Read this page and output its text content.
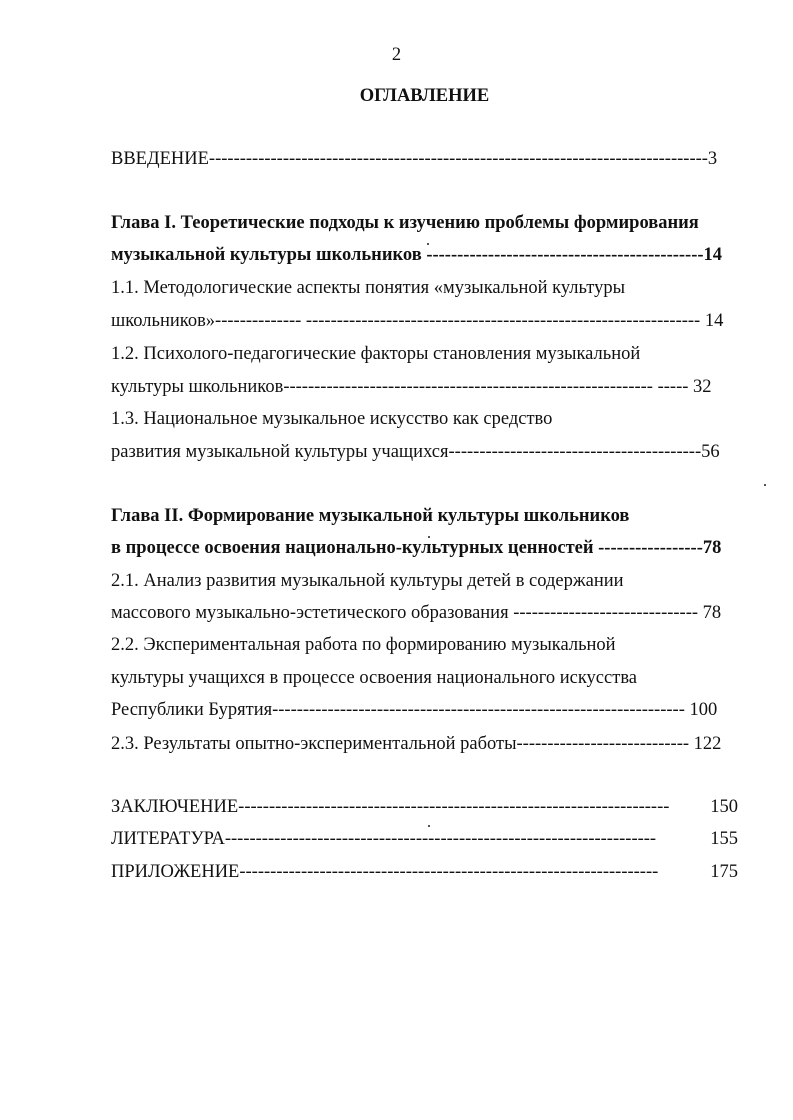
2
ОГЛАВЛЕНИЕ
ВВЕДЕНИЕ---------------------------------------------------------------------------------3
Глава I. Теоретические подходы к изучению проблемы формирования
музыкальной культуры школьников ---------------------------------------------14
1.1. Методологические аспекты понятия «музыкальной культуры
школьников»-------------- ---------------------------------------------------------------- 14
1.2. Психолого-педагогические факторы становления музыкальной
культуры школьников------------------------------------------------------------ ----- 32
1.3. Национальное музыкальное искусство как средство
развития музыкальной культуры учащихся-----------------------------------------56
Глава II. Формирование музыкальной культуры школьников
в процессе освоения национально-культурных ценностей -----------------78
2.1. Анализ развития музыкальной культуры детей в содержании
массового музыкально-эстетического образования ------------------------------ 78
2.2. Экспериментальная работа по формированию музыкальной
культуры учащихся в процессе освоения национального искусства
Республики Бурятия------------------------------------------------------------------- 100
2.3. Результаты опытно-экспериментальной работы---------------------------- 122
ЗАКЛЮЧЕНИЕ----------------------------------------------------------------------	150
ЛИТЕРАТУРА----------------------------------------------------------------------	155
ПРИЛОЖЕНИЕ--------------------------------------------------------------------	175
